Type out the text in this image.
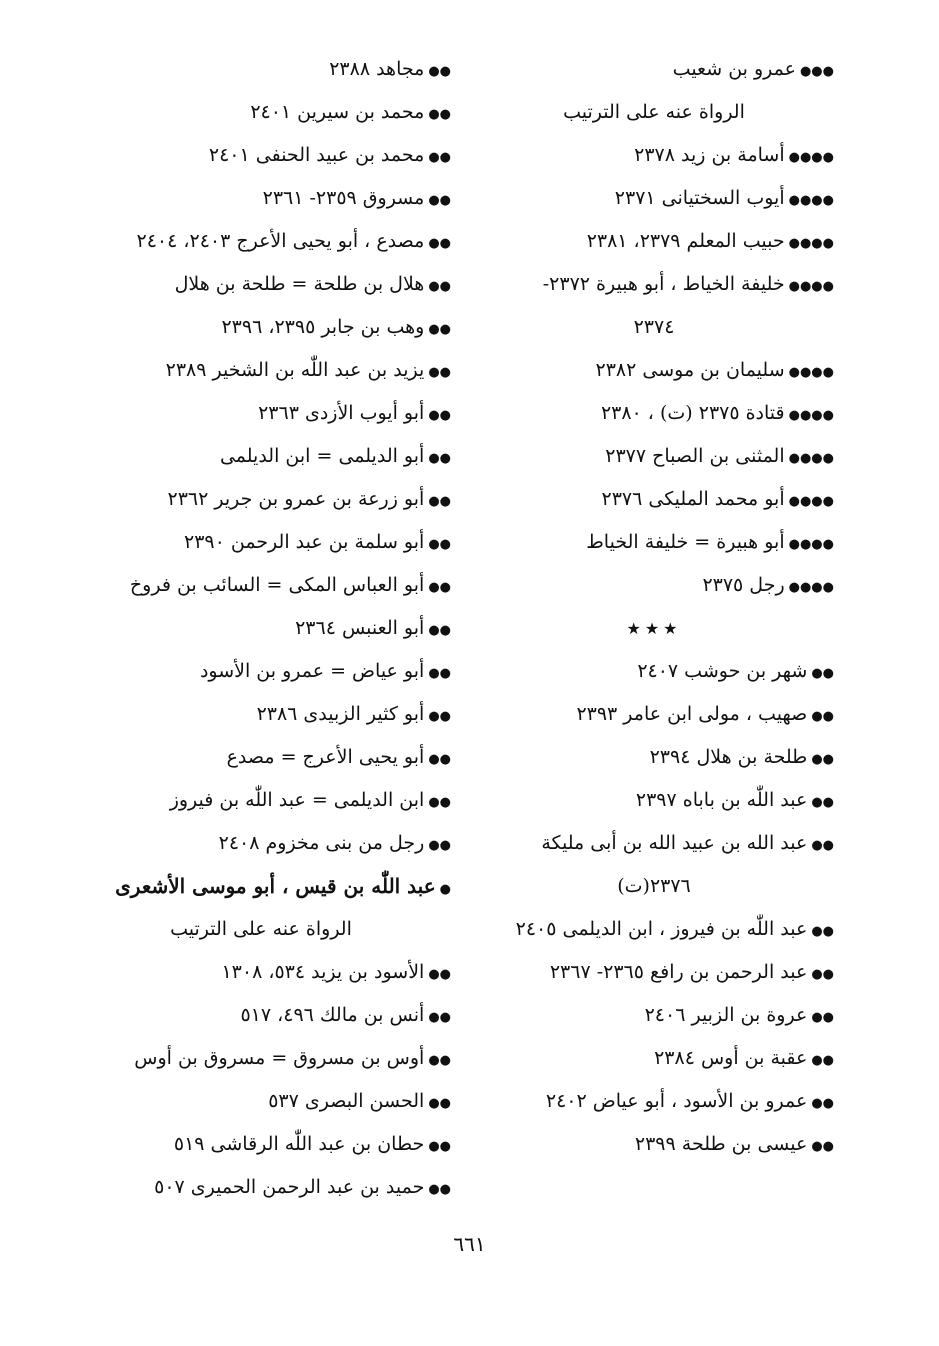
●●●عمرو بن شعيب
الرواة عنه على الترتيب
●●●●أسامة بن زيد ٢٣٧٨
●●●●أيوب السختيانى ٢٣٧١
●●●●حبيب المعلم ٢٣٧٩، ٢٣٨١
●●●●خليفة الخياط ، أبو هبيرة ٢٣٧٢-
٢٣٧٤
●●●●سليمان بن موسى ٢٣٨٢
●●●●قتادة ٢٣٧٥ (ت) ، ٢٣٨٠
●●●●المثنى بن الصباح ٢٣٧٧
●●●●أبو محمد المليكى ٢٣٧٦
●●●●أبو هبيرة = خليفة الخياط
●●●●رجل ٢٣٧٥
★★★
●●شهر بن حوشب ٢٤٠٧
●●صهيب ، مولى ابن عامر ٢٣٩٣
●●طلحة بن هلال ٢٣٩٤
●●عبد اللّٰه بن باباه ٢٣٩٧
●●عبد الله بن عبيد الله بن أبى مليكة
٢٣٧٦(ت)
●●عبد اللّٰه بن فيروز ، ابن الديلمى ٢٤٠٥
●●عبد الرحمن بن رافع ٢٣٦٥- ٢٣٦٧
●●عروة بن الزبير ٢٤٠٦
●●عقبة بن أوس ٢٣٨٤
●●عمرو بن الأسود ، أبو عياض ٢٤٠٢
●●عيسى بن طلحة ٢٣٩٩
●●مجاهد ٢٣٨٨
●●محمد بن سيرين ٢٤٠١
●●محمد بن عبيد الحنفى ٢٤٠١
●●مسروق ٢٣٥٩- ٢٣٦١
●●مصدع ، أبو يحيى الأعرج ٢٤٠٣، ٢٤٠٤
●●هلال بن طلحة = طلحة بن هلال
●●وهب بن جابر ٢٣٩٥، ٢٣٩٦
●●يزيد بن عبد اللّٰه بن الشخير ٢٣٨٩
●●أبو أيوب الأزدى ٢٣٦٣
●●أبو الديلمى = ابن الديلمى
●●أبو زرعة بن عمرو بن جرير ٢٣٦٢
●●أبو سلمة بن عبد الرحمن ٢٣٩٠
●●أبو العباس المكى = السائب بن فروخ
●●أبو العنبس ٢٣٦٤
●●أبو عياض = عمرو بن الأسود
●●أبو كثير الزبيدى ٢٣٨٦
●●أبو يحيى الأعرج = مصدع
●●ابن الديلمى = عبد اللّٰه بن فيروز
●●رجل من بنى مخزوم ٢٤٠٨
●عبد اللّٰه بن قيس ، أبو موسى الأشعرى
الرواة عنه على الترتيب
●●الأسود بن يزيد ٥٣٤، ١٣٠٨
●●أنس بن مالك ٤٩٦، ٥١٧
●●أوس بن مسروق = مسروق بن أوس
●●الحسن البصرى ٥٣٧
●●حطان بن عبد اللّٰه الرقاشى ٥١٩
●●حميد بن عبد الرحمن الحميرى ٥٠٧
٦٦١
